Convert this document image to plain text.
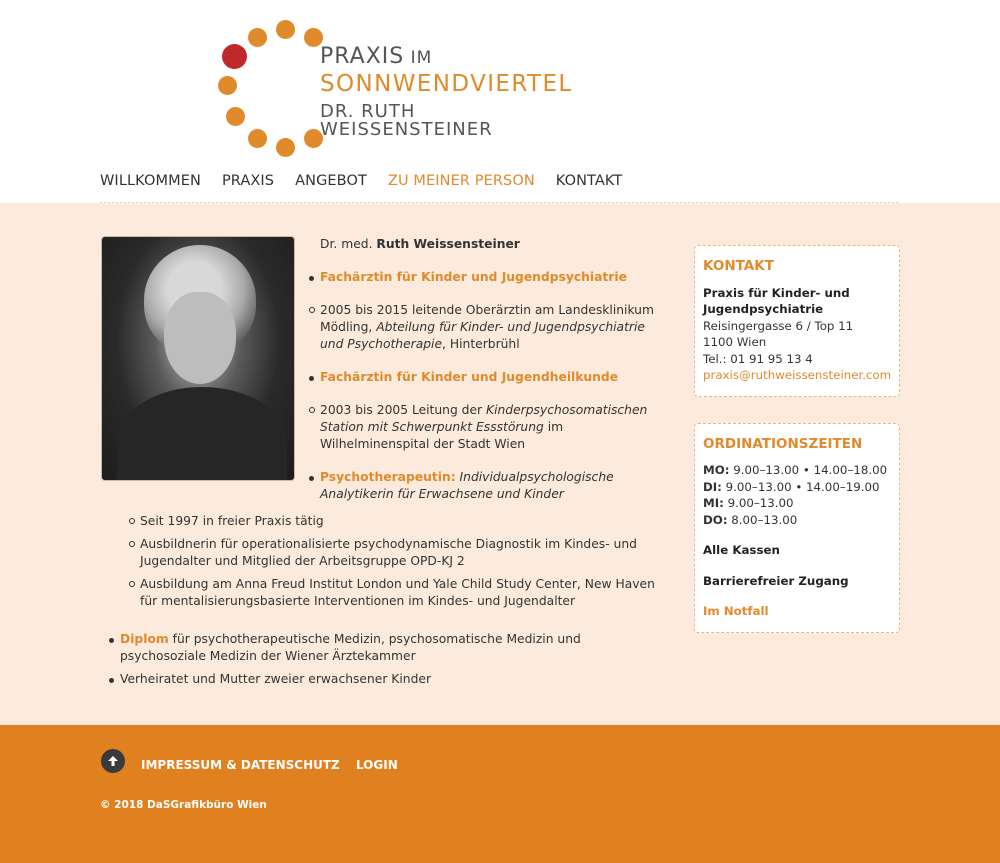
PRAXIS IM
SONNWENDVIERTEL
DR. RUTH WEISSENSTEINER
WILLKOMMEN PRAXIS ANGEBOT ZU MEINER PERSON KONTAKT

Dr. med. Ruth Weissensteiner

Fachärztin für Kinder und Jugendpsychiatrie
2005 bis 2015 leitende Oberärztin am Landesklinikum Mödling, Abteilung für Kinder- und Jugendpsychiatrie und Psychotherapie, Hinterbrühl
Fachärztin für Kinder und Jugendheilkunde
2003 bis 2005 Leitung der Kinderpsychosomatischen Station mit Schwerpunkt Essstörung im Wilhelminenspital der Stadt Wien
Psychotherapeutin: Individualpsychologische Analytikerin für Erwachsene und Kinder
Seit 1997 in freier Praxis tätig
Ausbildnerin für operationalisierte psychodynamische Diagnostik im Kindes- und Jugendalter und Mitglied der Arbeitsgruppe OPD-KJ 2
Ausbildung am Anna Freud Institut London und Yale Child Study Center, New Haven für mentalisierungsbasierte Interventionen im Kindes- und Jugendalter
Diplom für psychotherapeutische Medizin, psychosomatische Medizin und psychosoziale Medizin der Wiener Ärztekammer
Verheiratet und Mutter zweier erwachsener Kinder
KONTAKT
Praxis für Kinder- und Jugendpsychiatrie
Reisingergasse 6 / Top 11
1100 Wien
Tel.: 01 91 95 13 4
praxis@ruthweissensteiner.com
ORDINATIONSZEITEN
MO: 9.00–13.00 • 14.00–18.00
DI: 9.00–13.00 • 14.00–19.00
MI: 9.00–13.00
DO: 8.00–13.00
Alle Kassen
Barrierefreier Zugang
Im Notfall
IMPRESSUM & DATENSCHUTZ LOGIN
© 2018 DaSGrafikbüro Wien
